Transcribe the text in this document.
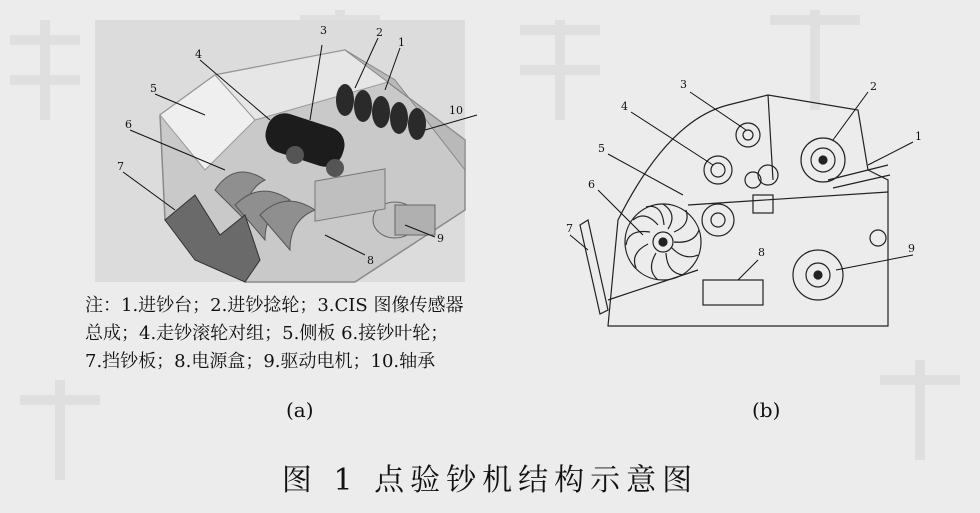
1
2
3
4
5
6
7
8
9
10
1
2
3
4
5
6
7
8	9
注：1.进钞台；2.进钞捻轮；3.CIS 图像传感器
总成；4.走钞滚轮对组；5.侧板 6.接钞叶轮；
7.挡钞板；8.电源盒；9.驱动电机；10.轴承
(a)	(b)
图 1 点验钞机结构示意图
